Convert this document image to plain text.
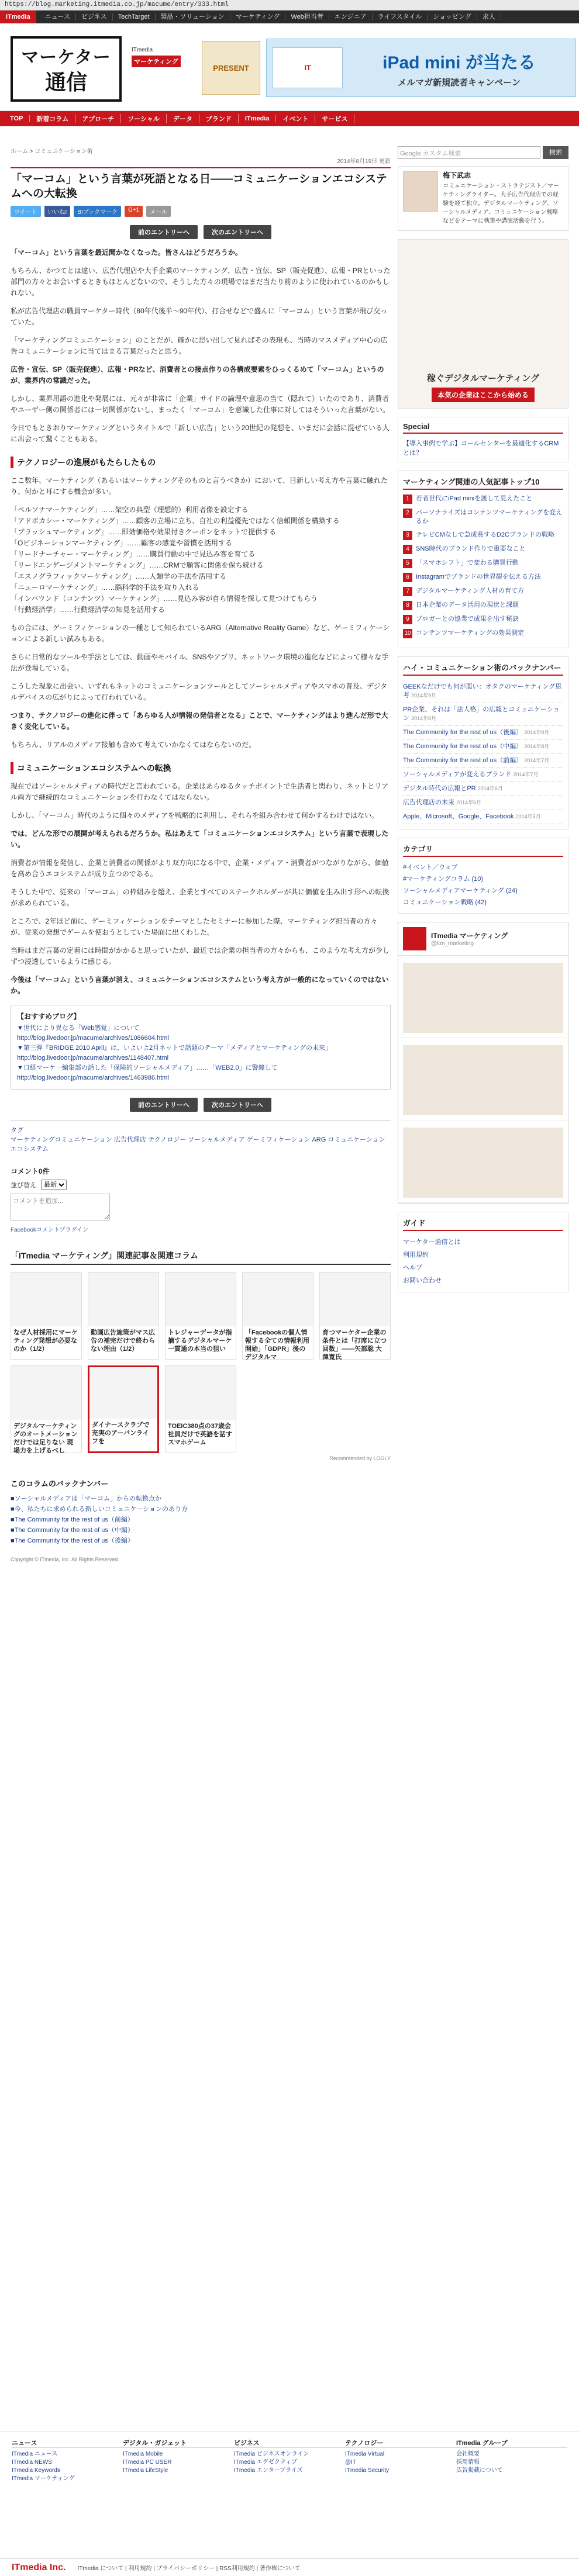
https://blog.marketing.itmedia.co.jp/macume/entry/333.html
ITmedia	ニュース	ビジネス	TechTarget	製品・ソリューション	マーケティング	Web担当者	エンジニア	ライフスタイル	ショッピング	求人
マーケター
通信
ITmedia
マーケティング
PRESENT	IT	iPad mini が当たる
メルマガ新規読者キャンペーン
TOP	新着コラム	アプローチ	ソーシャル	データ	ブランド	ITmedia	イベント	サービス
ホーム > コミュニケーション術
2014年8月19日 更新
「マーコム」という言葉が死語となる日――コミュニケーションエコシステムへの大転換
ツイート	いいね!	B!ブックマーク	G+1	メール
前のエントリーへ	次のエントリーへ

「マーコム」という言葉を最近聞かなくなった。皆さんはどうだろうか。

もちろん、かつてとは違い、広告代理店や大手企業のマーケティング、広告・宣伝、SP（販売促進）、広報・PRといった部門の方々とお会いするときもほとんどないので、そうした方々の現場ではまだ当たり前のように使われているのかもしれない。

私が広告代理店の職員マーケター時代（80年代後半〜90年代）、打合せなどで盛んに「マーコム」という言葉が飛び交っていた。

「マーケティングコミュニケーション」のことだが、確かに思い出して見ればその表現も、当時のマスメディア中心の広告コミュニケーションに当てはまる言葉だったと思う。

広告・宣伝、SP（販売促進）、広報・PRなど、消費者との接点作りの各構成要素をひっくるめて「マーコム」というのが、業界内の常識だった。

しかし、業界用語の進化や発展には、元々が非常に「企業」サイドの論理や意思の当て（隠れて）いたのであり、消費者やユーザー側の関係者には一切関係がないし、まったく「マーコム」を意識した仕事に対してはそういった言葉がない。

今日でもときおりマーケティングというタイトルで「新しい広告」という20世紀の発想を、いまだに会話に混ぜている人に出会って驚くこともある。

テクノロジーの進展がもたらしたもの

ここ数年、マーケティング（あるいはマーケティングそのものと言うべきか）において、目新しい考え方や言葉に触れたり、何かと耳にする機会が多い。

「ペルソナマーケティング」……架空の典型（理想的）利用者像を設定する
「アドボカシー・マーケティング」……顧客の立場に立ち、自社の利益優先ではなく信頼関係を構築する
「ブラッシュマーケティング」……即効価格や効果付きクーポンをネットで提供する
「Oビジネーションマーケティング」……顧客の感覚や習慣を活用する
「リードナーチャー・マーケティング」……購買行動の中で見込み客を育てる
「リードエンゲージメントマーケティング」……CRMで顧客に関係を保ち続ける
「エスノグラフィックマーケティング」……人類学の手法を活用する
「ニューロマーケティング」……脳科学的手法を取り入れる
「インバウンド（コンテンツ）マーケティング」……見込み客が自ら情報を探して見つけてもらう
「行動経済学」……行動経済学の知見を活用する

もの合には、ゲーミフィケーションの一種として知られているARG（Alternative Reality Game）など、ゲーミフィケーションによる新しい試みもある。

さらに日常的なツールや手法としては、動画やモバイル、SNSやアプリ、ネットワーク環境の進化などによって様々な手法が登場している。

こうした現象に出会い、いずれもネットのコミュニケーションツールとしてソーシャルメディアやスマホの普及、デジタルデバイスの広がりによって行われている。

つまり、テクノロジーの進化に伴って「あらゆる人が情報の発信者となる」ことで、マーケティングはより進んだ形で大きく変化している。

もちろん、リアルのメディア接触も含めて考えていかなくてはならないのだ。

コミュニケーションエコシステムへの転換

現在ではソーシャルメディアの時代だと言われている。企業はあらゆるタッチポイントで生活者と関わり、ネットとリアル両方で継続的なコミュニケーションを行わなくてはならない。

しかし、「マーコム」時代のように個々のメディアを戦略的に利用し、それらを組み合わせて何かするわけではない。

では、どんな形での展開が考えられるだろうか。私はあえて「コミュニケーションエコシステム」という言葉で表現したい。

消費者が情報を発信し、企業と消費者の関係がより双方向になる中で、企業・メディア・消費者がつながりながら、価値を高め合うエコシステムが成り立つのである。

そうした中で、従来の「マーコム」の枠組みを超え、企業とすべてのステークホルダーが共に価値を生み出す形への転換が求められている。

ところで、2年ほど前に、ゲーミフィケーションをテーマとしたセミナーに参加した際、マーケティング担当者の方々が、従来の発想でゲームを使おうとしていた場面に出くわした。

当時はまだ言葉の定着には時間がかかると思っていたが、最近では企業の担当者の方々からも、このような考え方が少しずつ浸透しているように感じる。

今後は「マーコム」という言葉が消え、コミュニケーションエコシステムという考え方が一般的になっていくのではないか。

【おすすめブログ】
▼世代により異なる「Web感覚」について
http://blog.livedoor.jp/macume/archives/1086604.html
▼第三弾『BRIDGE 2010 April』は、いよいよ2月ネットで話題のテーマ「メディアとマーケティングの未来」
http://blog.livedoor.jp/macume/archives/1148407.html
▼日経マーケ一編集部の話した「保険的ソーシャルメディア」……「WEB2.0」に警鐘して
http://blog.livedoor.jp/macume/archives/1463986.html
前のエントリーへ	次のエントリーへ
タグ
マーケティングコミュニケーション 広告代理店 テクノロジー ソーシャルメディア ゲーミフィケーション ARG コミュニケーションエコシステム
コメント0件
並び替え
最新
コメントを追加...
Facebookコメントプラグイン
「ITmedia マーケティング」関連記事＆関連コラム
なぜ人材採用にマーケティング発想が必要なのか（1/2）
動画広告施策がマス広告の補完だけで終わらない理由（1/2）
トレジャーデータが指摘するデジタルマーケ一貫通の本当の狙い
「Facebookの個人情報する全ての情報利用開始」「GDPR」後のデジタルマ
育つマーケター企業の条件とは「打席に立つ回数」――矢部聡 大澤寛氏
デジタルマーケティングのオートメーションだけでは足りない 現場力を上げるべし
ダイナースクラブで充実のアーバンライフを
TOEIC380点の37歳会社員だけで英語を話すスマホゲーム
Recommended by LOGLY
このコラムのバックナンバー
■ソーシャルメディアは「マーコム」からの転換点か
■今、私たちに求められる新しいコミュニケーションのあり方
■The Community for the rest of us（前編）
■The Community for the rest of us（中編）
■The Community for the rest of us（後編）
Copyright © ITmedia, Inc. All Rights Reserved.
Google カスタム検索	検索
梅下武志
コミュニケーション・ストラテジスト／マーケティングライター。大手広告代理店での経験を経て独立。デジタルマーケティング、ソーシャルメディア、コミュニケーション戦略などをテーマに執筆や講演活動を行う。
稼ぐデジタルマーケティング
本気の企業はここから始める
Special
【導入事例で学ぶ】コールセンターを最適化するCRMとは？
マーケティング関連の人気記事トップ10
1	若者世代にiPad miniを渡して見えたこと
2	パーソナライズはコンテンツマーケティングを変えるか
3	テレビCMなしで急成長するD2Cブランドの戦略
4	SNS時代のブランド作りで重要なこと
5	「スマホシフト」で変わる購買行動
6	Instagramでブランドの世界観を伝える方法
7	デジタルマーケティング人材の育て方
8	日本企業のデータ活用の現状と課題
9	ブロガーとの協業で成果を出す秘訣
10 コンテンツマーケティングの効果測定
ハイ・コミュニケーション術のバックナンバー
GEEKなだけでも何が悪い：オタクのマーケティング思考 2014年9月
PR企業、それは「法人格」の広報とコミュニケーション 2014年8月
The Community for the rest of us（後編） 2014年8月
The Community for the rest of us（中編） 2014年8月
The Community for the rest of us（前編） 2014年7月
ソーシャルメディアが変えるブランド 2014年7月
デジタル時代の広報とPR 2014年6月
広告代理店の未来 2014年6月
Apple、Microsoft、Google、Facebook 2014年5月
カテゴリ
#イベント／ウェブ
#マーケティングコラム (10)
ソーシャルメディアマーケティング (24)
コミュニケーション戦略 (42)
ITmedia マーケティング
@itm_marketing
ガイド
マーケター通信とは
利用規約
ヘルプ
お問い合わせ
ニュース
ITmedia ニュース
ITmedia NEWS
ITmedia Keywords
ITmedia マーケティング
デジタル・ガジェット
ITmedia Mobile
ITmedia PC USER
ITmedia LifeStyle
ビジネス
ITmedia ビジネスオンライン
ITmedia エグゼクティブ
ITmedia エンタープライズ
テクノロジー
ITmedia Virtual
@IT
ITmedia Security
ITmedia グループ
会社概要
採用情報
広告掲載について
ITmedia Inc. ITmedia について | 利用規約 | プライバシーポリシー | RSS利用規約 | 著作権について
